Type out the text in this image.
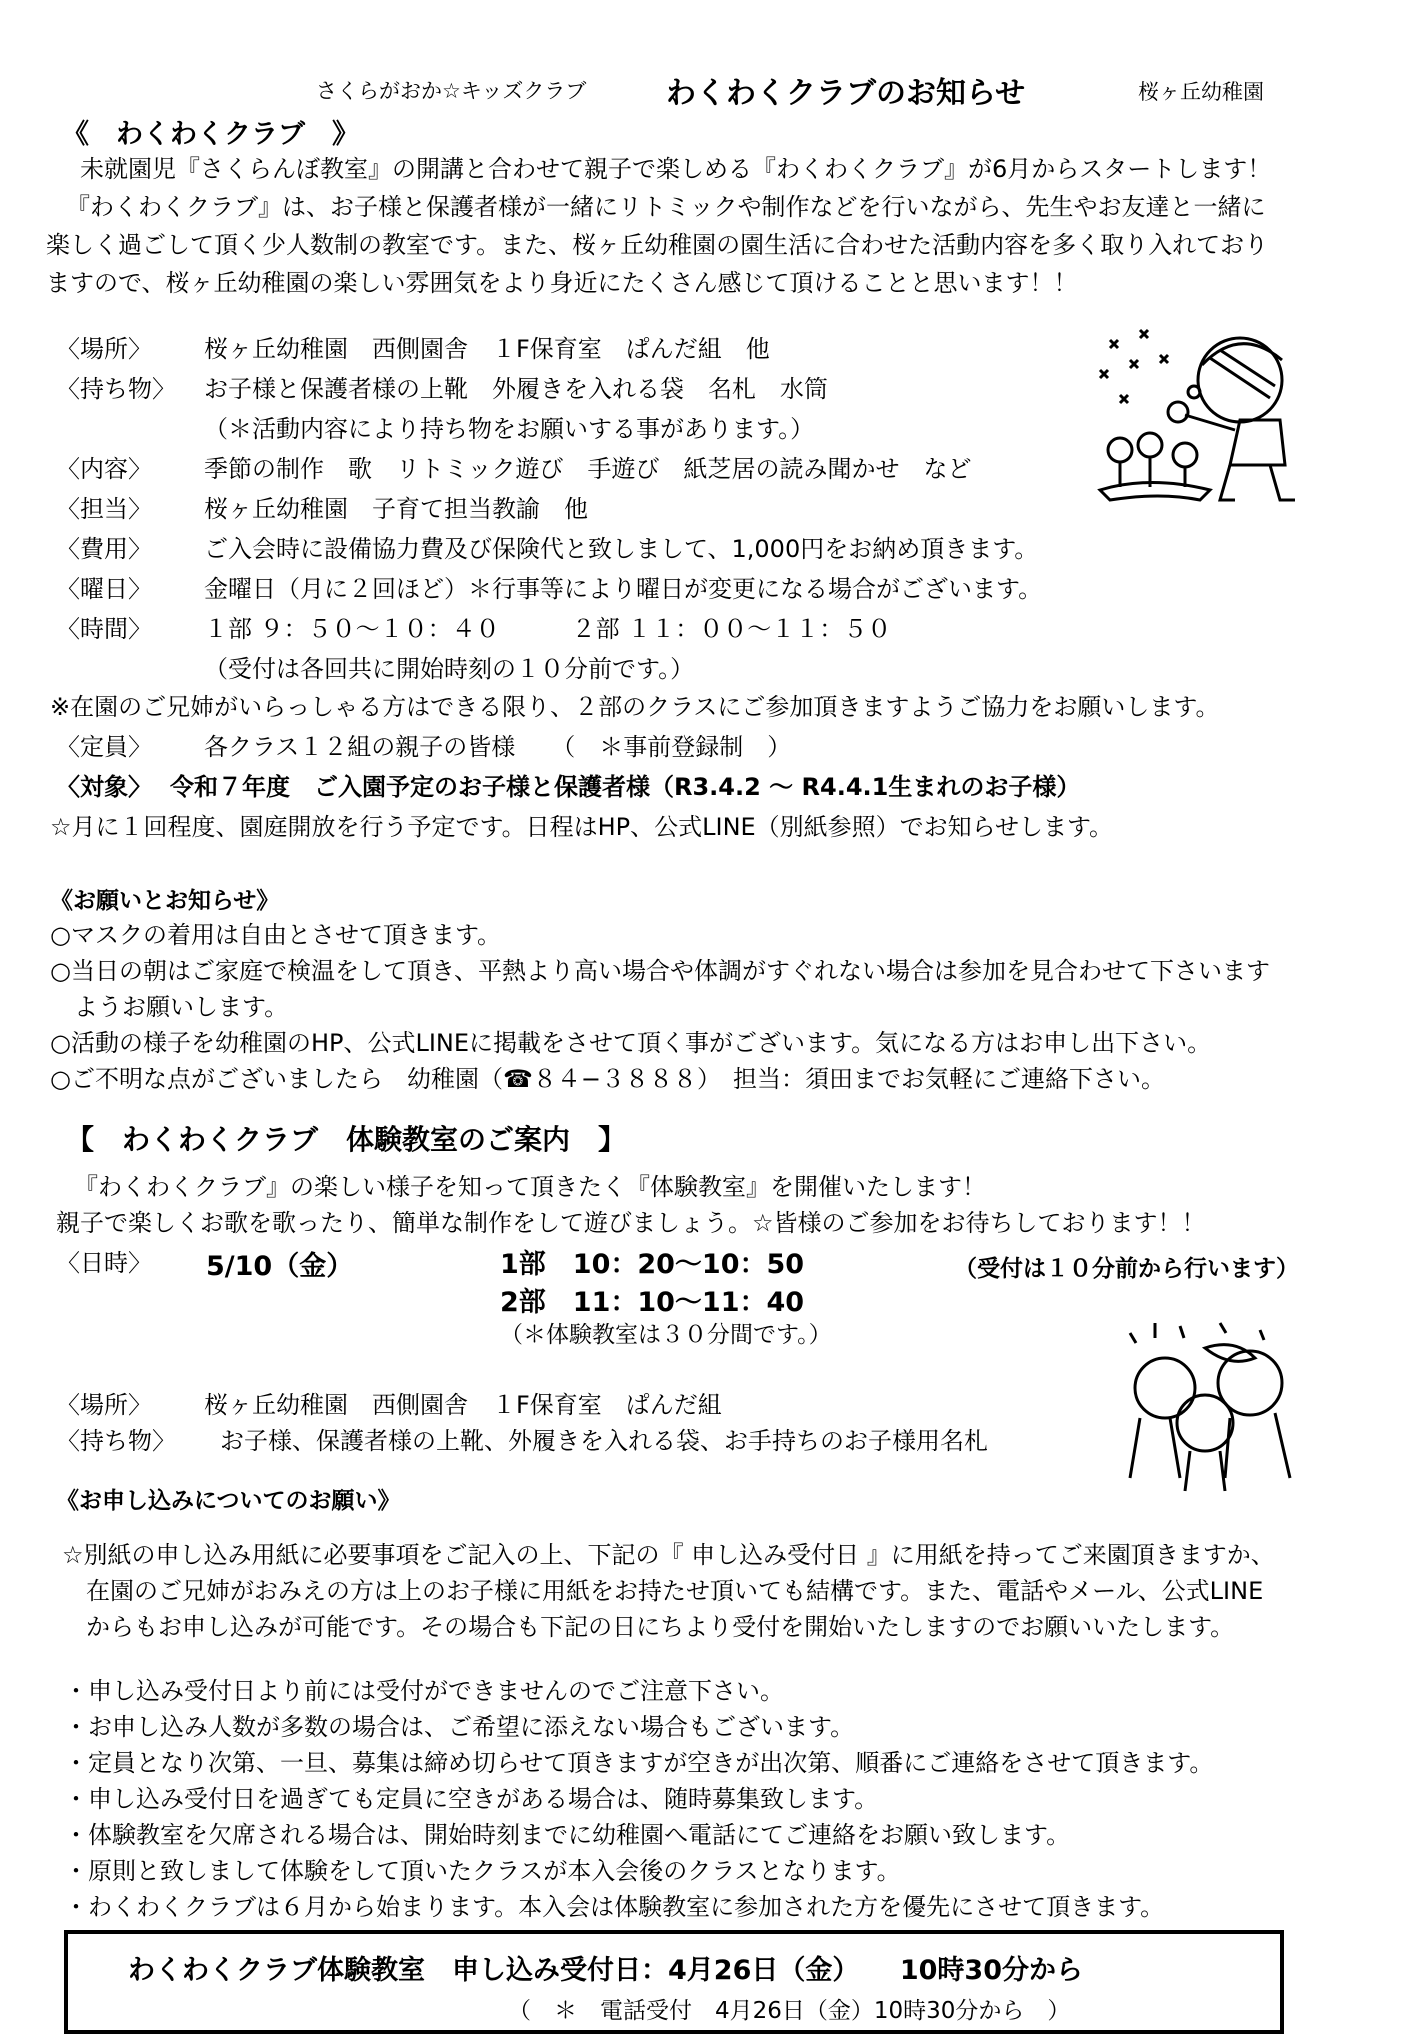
さくらがおか☆キッズクラブ	わくわくクラブのお知らせ	桜ヶ丘幼稚園
《　わくわくクラブ　》
未就園児『さくらんぼ教室』の開講と合わせて親子で楽しめる『わくわくクラブ』が6月からスタートします！
『わくわくクラブ』は、お子様と保護者様が一緒にリトミックや制作などを行いながら、先生やお友達と一緒に
楽しく過ごして頂く少人数制の教室です。また、桜ヶ丘幼稚園の園生活に合わせた活動内容を多く取り入れており
ますので、桜ヶ丘幼稚園の楽しい雰囲気をより身近にたくさん感じて頂けることと思います！！
〈場所〉 桜ヶ丘幼稚園　西側園舎　１F保育室　ぱんだ組　他
〈持ち物〉 お子様と保護者様の上靴　外履きを入れる袋　名札　水筒
（＊活動内容により持ち物をお願いする事があります。）
〈内容〉 季節の制作　歌　リトミック遊び　手遊び　紙芝居の読み聞かせ　など
〈担当〉 桜ヶ丘幼稚園　子育て担当教諭　他
〈費用〉 ご入会時に設備協力費及び保険代と致しまして、1,000円をお納め頂きます。
〈曜日〉 金曜日（月に２回ほど）＊行事等により曜日が変更になる場合がございます。
〈時間〉 １部 ９：５０〜１０：４０　　　２部 １１：００〜１１：５０
（受付は各回共に開始時刻の１０分前です。）
※在園のご兄姉がいらっしゃる方はできる限り、２部のクラスにご参加頂きますようご協力をお願いします。
〈定員〉 各クラス１２組の親子の皆様　　（　＊事前登録制　）
〈対象〉 令和７年度　ご入園予定のお子様と保護者様（R3.4.2 〜 R4.4.1生まれのお子様）
☆月に１回程度、園庭開放を行う予定です。日程はHP、公式LINE（別紙参照）でお知らせします。
《お願いとお知らせ》
○マスクの着用は自由とさせて頂きます。
○当日の朝はご家庭で検温をして頂き、平熱より高い場合や体調がすぐれない場合は参加を見合わせて下さいます
　ようお願いします。
○活動の様子を幼稚園のHP、公式LINEに掲載をさせて頂く事がございます。気になる方はお申し出下さい。
○ご不明な点がございましたら　幼稚園（☎８４−３８８８）　担当：須田までお気軽にご連絡下さい。
【　わくわくクラブ　体験教室のご案内　】
『わくわくクラブ』の楽しい様子を知って頂きたく『体験教室』を開催いたします！
親子で楽しくお歌を歌ったり、簡単な制作をして遊びましょう。☆皆様のご参加をお待ちしております！！
〈日時〉 5/10（金）	1部　10：20〜10：50
2部　11：10〜11：40
（＊体験教室は３０分間です。）
（受付は１０分前から行います）
〈場所〉 桜ヶ丘幼稚園　西側園舎　１F保育室　ぱんだ組
〈持ち物〉 お子様、保護者様の上靴、外履きを入れる袋、お手持ちのお子様用名札
《お申し込みについてのお願い》
☆別紙の申し込み用紙に必要事項をご記入の上、下記の『 申し込み受付日 』に用紙を持ってご来園頂きますか、
在園のご兄姉がおみえの方は上のお子様に用紙をお持たせ頂いても結構です。また、電話やメール、公式LINE
からもお申し込みが可能です。その場合も下記の日にちより受付を開始いたしますのでお願いいたします。
・申し込み受付日より前には受付ができませんのでご注意下さい。
・お申し込み人数が多数の場合は、ご希望に添えない場合もございます。
・定員となり次第、一旦、募集は締め切らせて頂きますが空きが出次第、順番にご連絡をさせて頂きます。
・申し込み受付日を過ぎても定員に空きがある場合は、随時募集致します。
・体験教室を欠席される場合は、開始時刻までに幼稚園へ電話にてご連絡をお願い致します。
・原則と致しまして体験をして頂いたクラスが本入会後のクラスとなります。
・わくわくクラブは６月から始まります。本入会は体験教室に参加された方を優先にさせて頂きます。
わくわくクラブ体験教室　申し込み受付日：4月26日（金）　　10時30分から
（　＊　電話受付　4月26日（金）10時30分から　）
